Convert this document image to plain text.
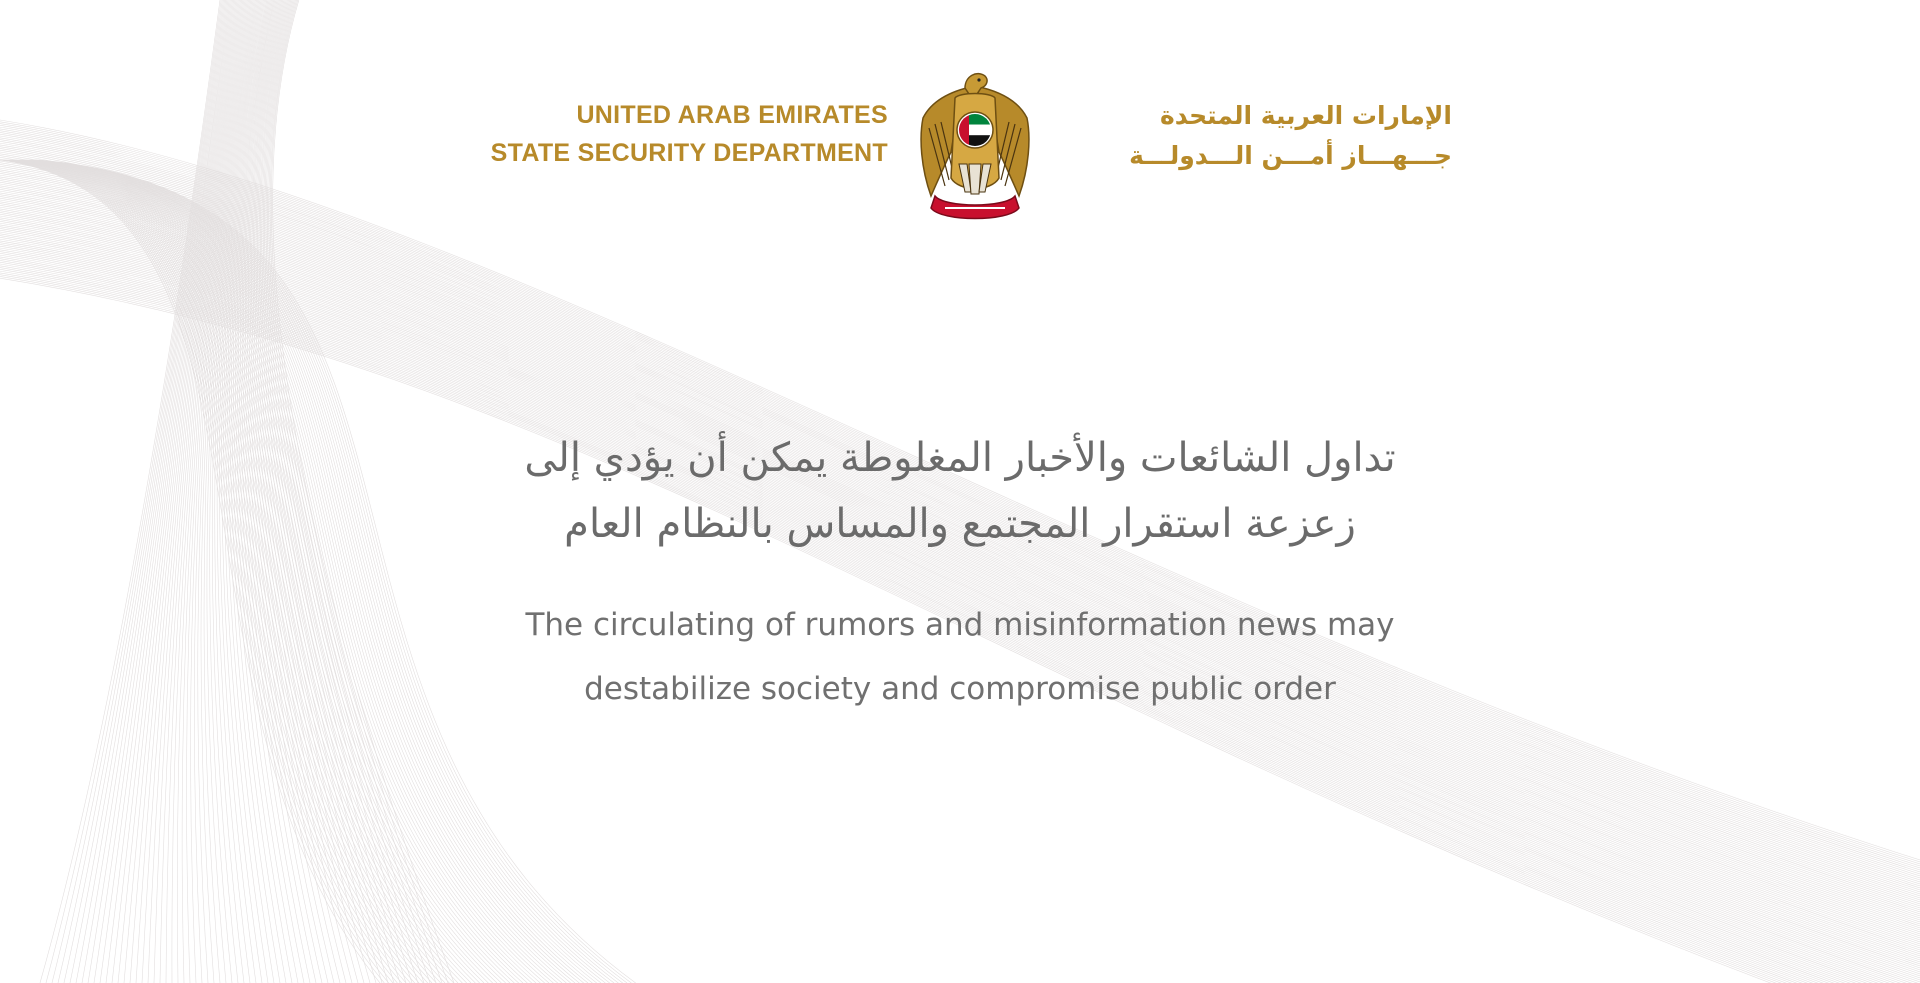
UNITED ARAB EMIRATES
STATE SECURITY DEPARTMENT
الإمارات العربية المتحدة
جـــهـــاز أمـــن الـــدولـــة
تداول الشائعات والأخبار المغلوطة يمكن أن يؤدي إلى
زعزعة استقرار المجتمع والمساس بالنظام العام
The circulating of rumors and misinformation news may
destabilize society and compromise public order
